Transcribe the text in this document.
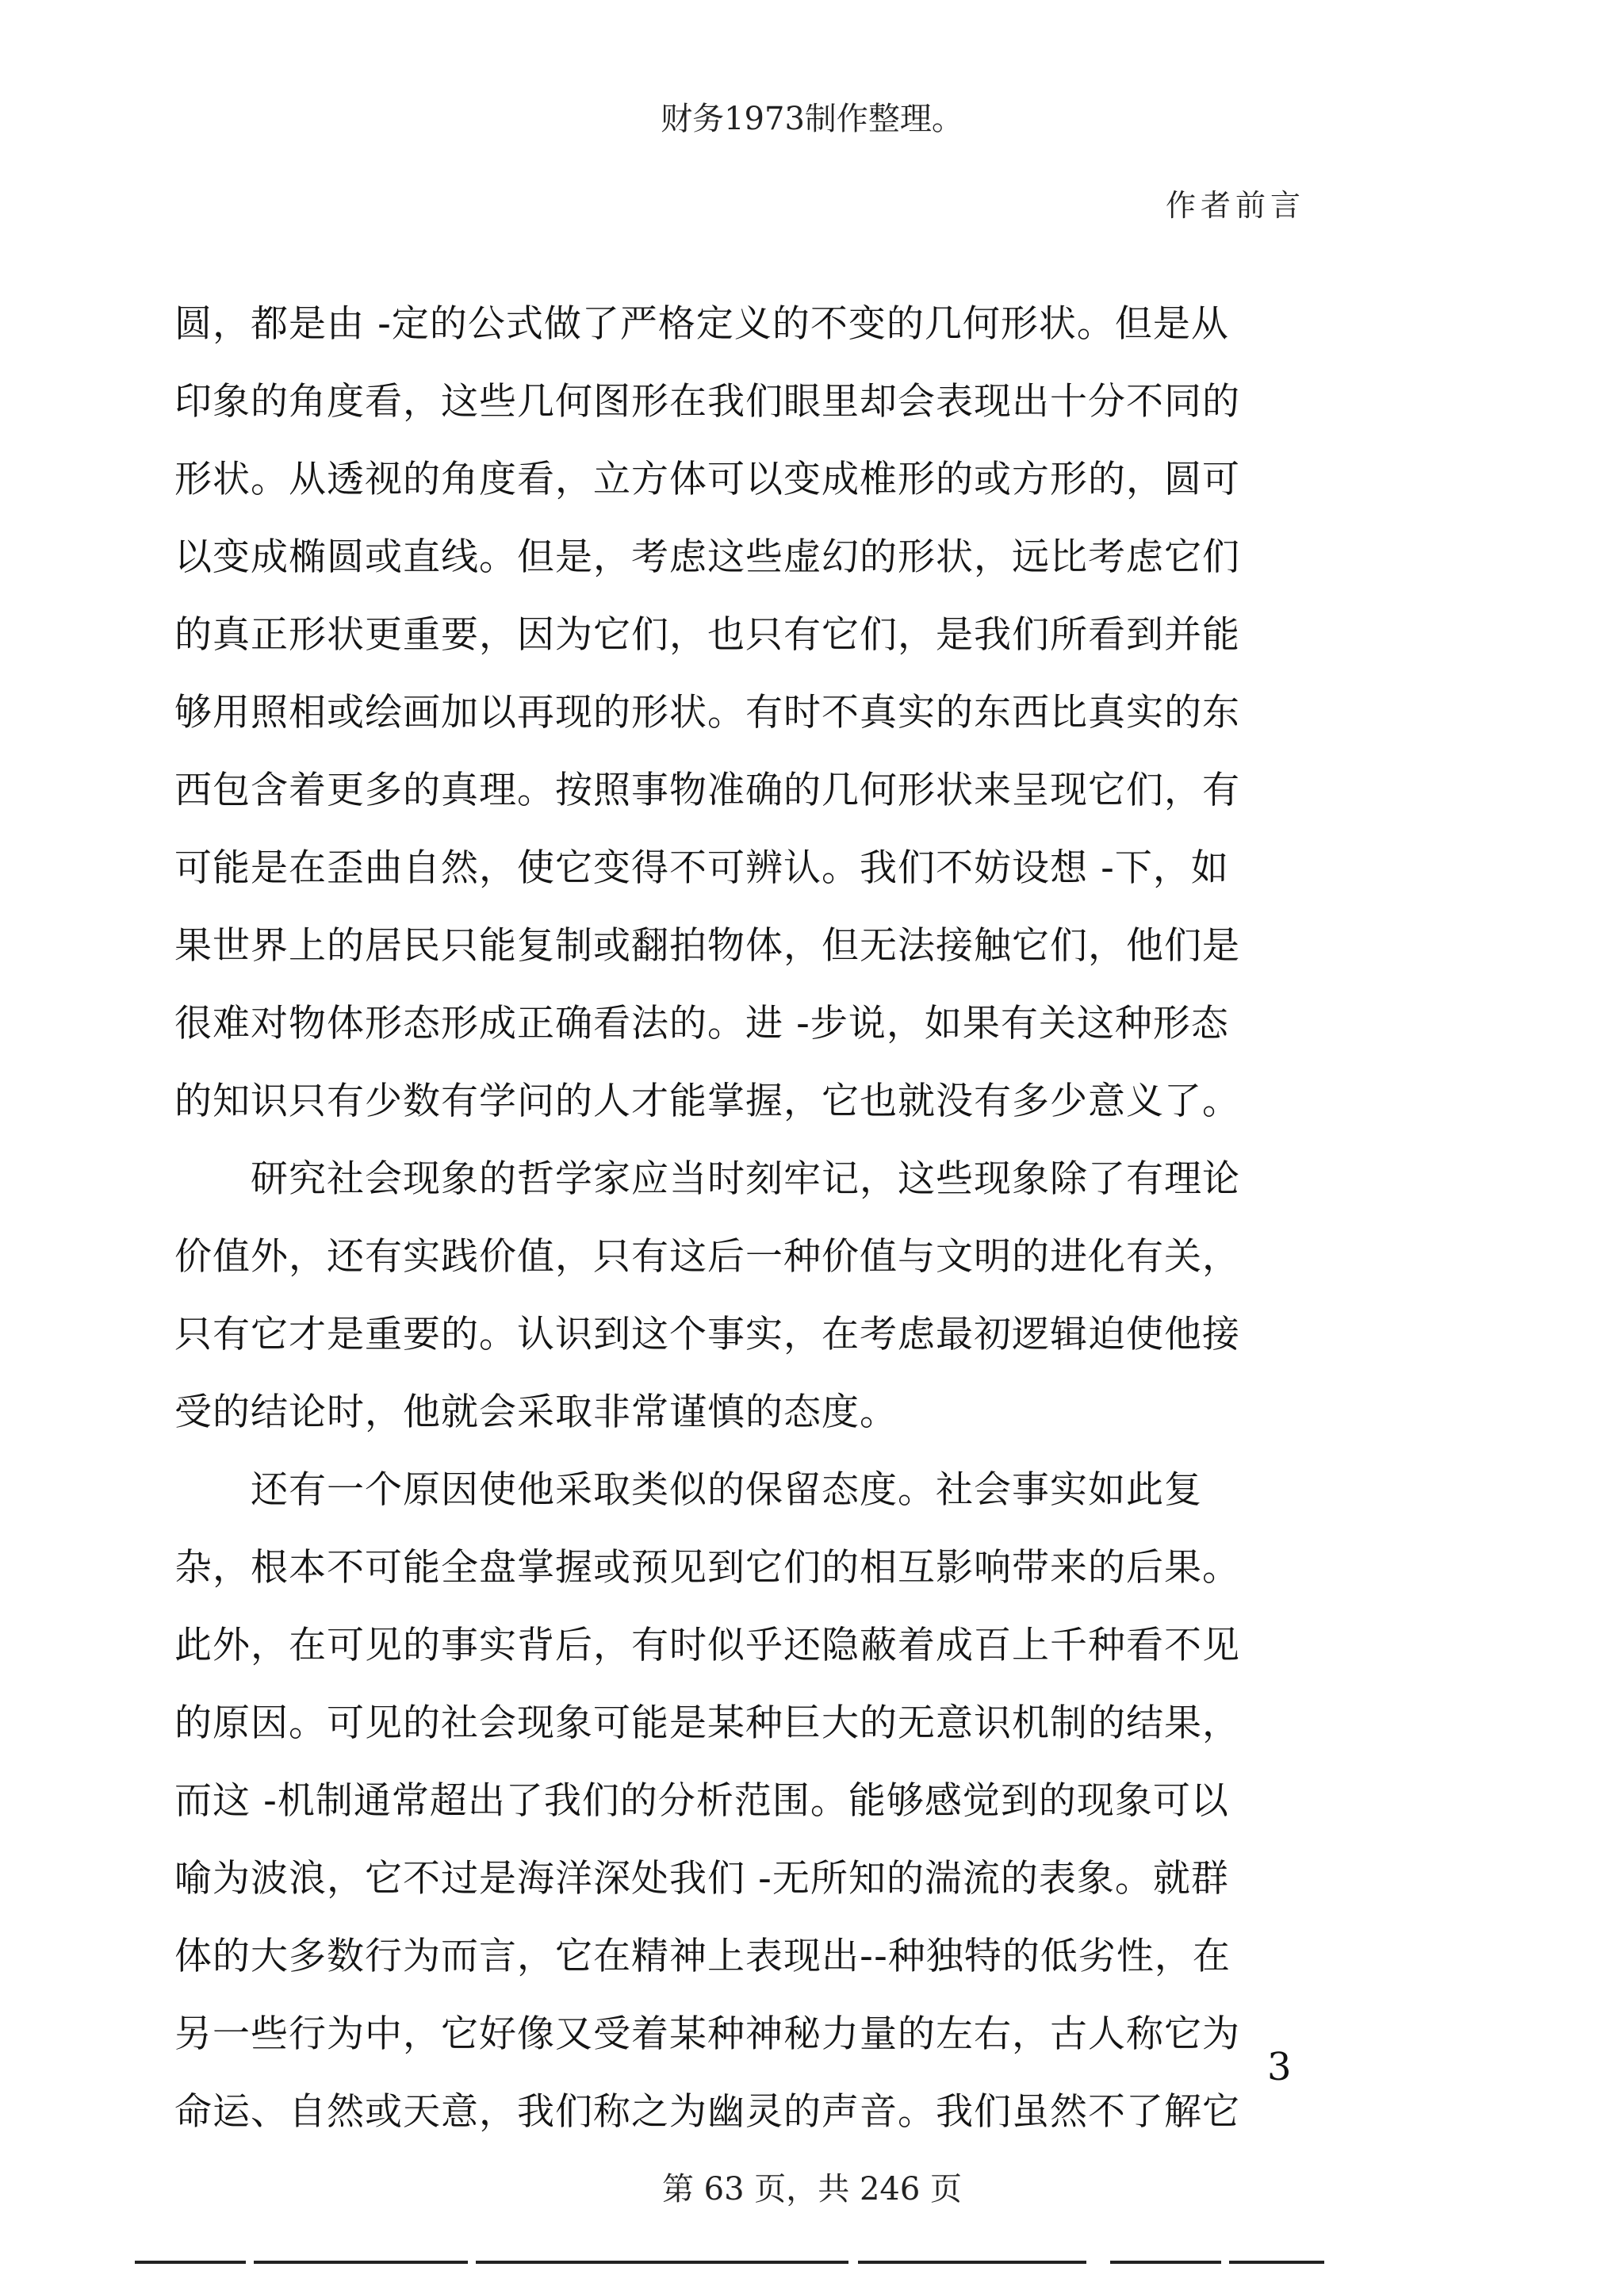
财务1973制作整理。
作者前言
圆，都是由 -定的公式做了严格定义的不变的几何形状。但是从
印象的角度看，这些几何图形在我们眼里却会表现出十分不同的
形状。从透视的角度看，立方体可以变成椎形的或方形的，圆可
以变成椭圆或直线。但是，考虑这些虚幻的形状，远比考虑它们
的真正形状更重要，因为它们，也只有它们，是我们所看到并能
够用照相或绘画加以再现的形状。有时不真实的东西比真实的东
西包含着更多的真理。按照事物准确的几何形状来呈现它们，有
可能是在歪曲自然，使它变得不可辨认。我们不妨设想 -下，如
果世界上的居民只能复制或翻拍物体，但无法接触它们，他们是
很难对物体形态形成正确看法的。进 -步说，如果有关这种形态
的知识只有少数有学问的人才能掌握，它也就没有多少意义了。
　　研究社会现象的哲学家应当时刻牢记，这些现象除了有理论
价值外，还有实践价值，只有这后一种价值与文明的进化有关，
只有它才是重要的。认识到这个事实，在考虑最初逻辑迫使他接
受的结论时，他就会采取非常谨慎的态度。
　　还有一个原因使他采取类似的保留态度。社会事实如此复
杂，根本不可能全盘掌握或预见到它们的相互影响带来的后果。
此外，在可见的事实背后，有时似乎还隐蔽着成百上千种看不见
的原因。可见的社会现象可能是某种巨大的无意识机制的结果，
而这 -机制通常超出了我们的分析范围。能够感觉到的现象可以
喻为波浪，它不过是海洋深处我们 -无所知的湍流的表象。就群
体的大多数行为而言，它在精神上表现出--种独特的低劣性，在
另一些行为中，它好像又受着某种神秘力量的左右，古人称它为
命运、自然或天意，我们称之为幽灵的声音。我们虽然不了解它
3
第 63 页，共 246 页
